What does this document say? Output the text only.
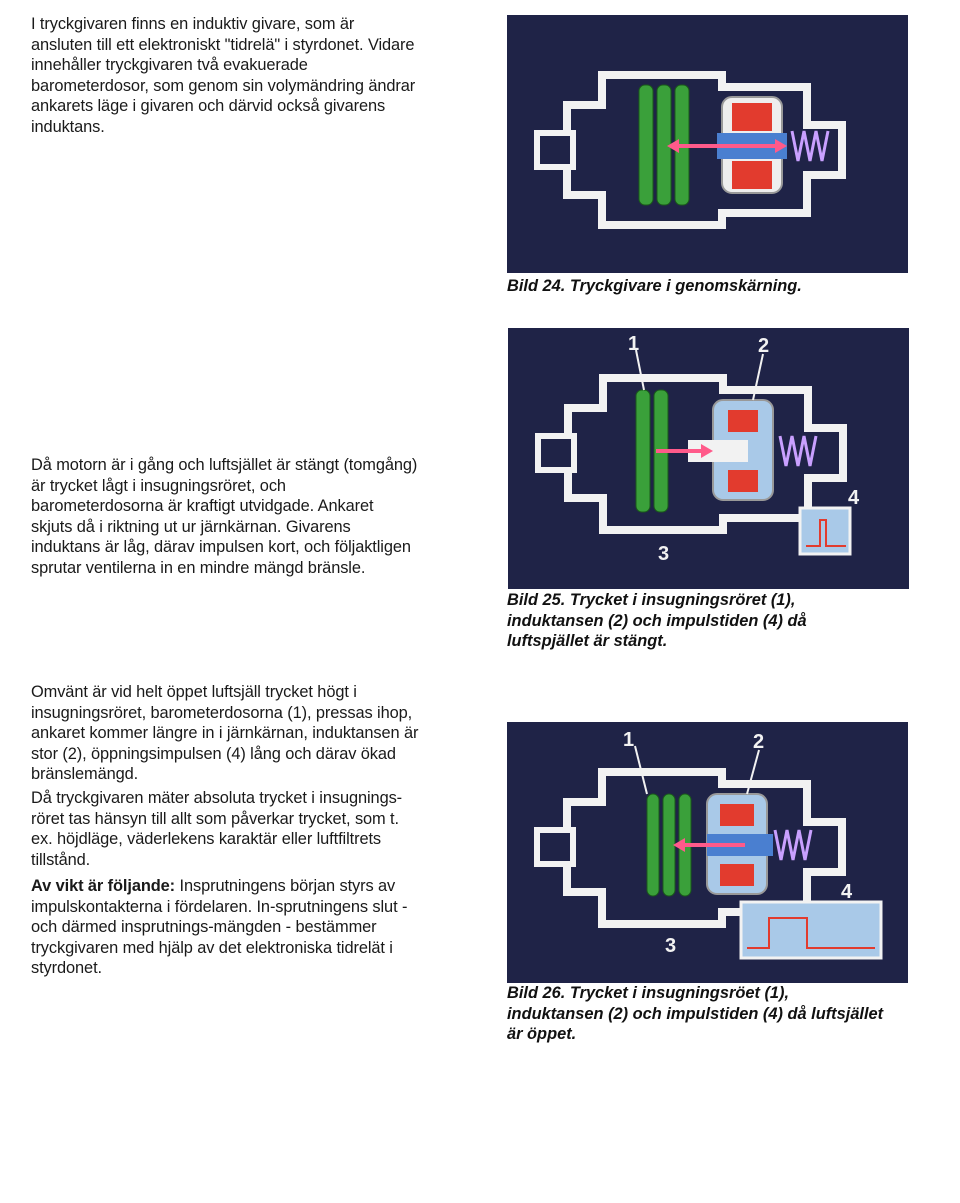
I tryckgivaren finns en induktiv givare, som är
ansluten till ett elektroniskt "tidrelä" i styrdonet. Vidare
innehåller tryckgivaren två evakuerade
barometerdosor, som genom sin volymändring ändrar
ankarets läge i givaren och därvid också givarens
induktans.

Då motorn är i gång och luftsjället är stängt (tomgång)
är trycket lågt i insugningsröret, och
barometerdosorna är kraftigt utvidgade. Ankaret
skjuts då i riktning ut ur järnkärnan. Givarens
induktans är låg, därav impulsen kort, och följaktligen
sprutar ventilerna in en mindre mängd bränsle.

Omvänt är vid helt öppet luftsjäll trycket högt i
insugningsröret, barometerdosorna (1), pressas ihop,
ankaret kommer längre in i järnkärnan, induktansen är
stor (2), öppningsimpulsen (4) lång och därav ökad
bränslemängd.

Då tryckgivaren mäter absoluta trycket i insugnings-
röret tas hänsyn till allt som påverkar trycket, som t.
ex. höjdläge, väderlekens karaktär eller luftfiltrets
tillstånd.

Av vikt är följande: Insprutningens början styrs av
impulskontakterna i fördelaren. In-sprutningens slut -
och därmed insprutnings-mängden - bestämmer
tryckgivaren med hjälp av det elektroniska tidrelät i
styrdonet.

Bild 24. Tryckgivare i genomskärning.

1	2
3
4

Bild 25. Trycket i insugningsröret (1),
induktansen (2) och impulstiden (4) då
luftspjället är stängt.

1	2
3
4

Bild 26. Trycket i insugningsröet (1),
induktansen (2) och impulstiden (4) då luftsjället
är öppet.
